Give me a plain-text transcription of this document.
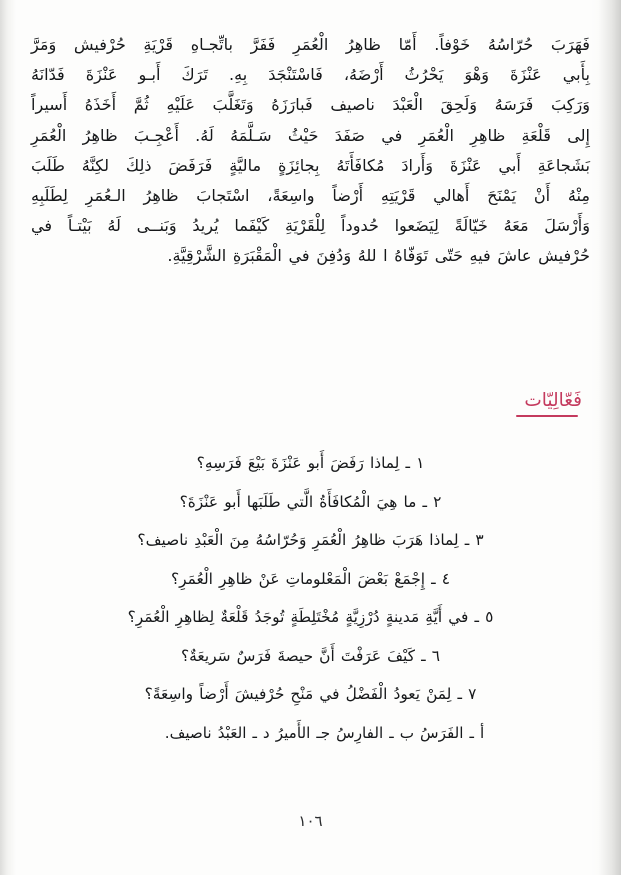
فَهَرَبَ حُرّاسُهُ خَوْفاً. أَمّا ظاهِرُ الْعُمَرِ فَفَرَّ باتِّجـاهِ قَرْيَةِ حُرْفيش وَمَرَّ
بِأَبي عَنْزَةَ وَهْوَ يَحْرُثُ أَرْضَهُ، فَاسْتَنْجَدَ بِهِ. تَرَكَ أَبـو عَنْزَةَ فَدّانَهُ
وَرَكِبَ فَرَسَهُ وَلَحِقَ الْعَبْدَ ناصيف فَبارَزَهُ وَتَغَلَّبَ عَلَيْهِ ثُمَّ أَخَذَهُ أَسيراً
إِلى قَلْعَةِ ظاهِرِ الْعُمَرِ في صَفَدَ حَيْثُ سَـلَّمَهُ لَهُ. أَعْجِـبَ ظاهِرُ الْعُمَرِ
بَشَجاعَةِ أَبي عَنْزَةَ وَأَرادَ مُكافَأَتَهُ بِجائِزَةٍ ماليَّةٍ فَرَفَضَ ذلِكَ لكِنَّهُ طَلَبَ
مِنْهُ أَنْ يَمْنَحَ أَهالي قَرْيَتِهِ أَرْضاً واسِعَةً، اسْتَجابَ ظاهِرُ الـعُمَرِ لِطَلَبِهِ
وَأَرْسَلَ مَعَهُ خَيّالَةً لِيَضَعوا حُدوداً لِلْقَرْيَةِ كَيْفَما يُريدُ وَبَنــى لَهُ بَيْتـاً في
حُرْفيش عاشَ فيهِ حَتّى تَوَفّاهُ ا للهُ وَدُفِنَ في الْمَقْبَرَةِ الشَّرْقِيَّةِ.
فَعّالِيّات
١ ـ لِماذا رَفَضَ أَبو عَنْزَةَ بَيْعَ فَرَسِهِ؟
٢ ـ ما هِيَ الْمُكافَأَةُ الَّتي طَلَبَها أَبو عَنْزَةَ؟
٣ ـ لِماذا هَرَبَ ظاهِرُ الْعُمَرِ وَحُرّاسُهُ مِنَ الْعَبْدِ ناصيف؟
٤ ـ إِجْمَعْ بَعْضَ الْمَعْلوماتِ عَنْ ظاهِرِ الْعُمَرِ؟
٥ ـ في أَيَّةِ مَدينةٍ دُرْزِيَّةٍ مُخْتَلِطَةٍ تُوجَدُ قَلْعَةٌ لِظاهِرِ الْعُمَرِ؟
٦ ـ كَيْفَ عَرَفْتَ أَنَّ حيصةَ فَرَسٌ سَريعَةٌ؟
٧ ـ لِمَنْ يَعودُ الْفَضْلُ في مَنْحِ حُرْفيشَ أَرْضاً واسِعَةً؟
أ ـ الفَرَسُ ب ـ الفارِسُ جـ الأَميرُ د ـ العَبْدُ ناصيف.
١٠٦
